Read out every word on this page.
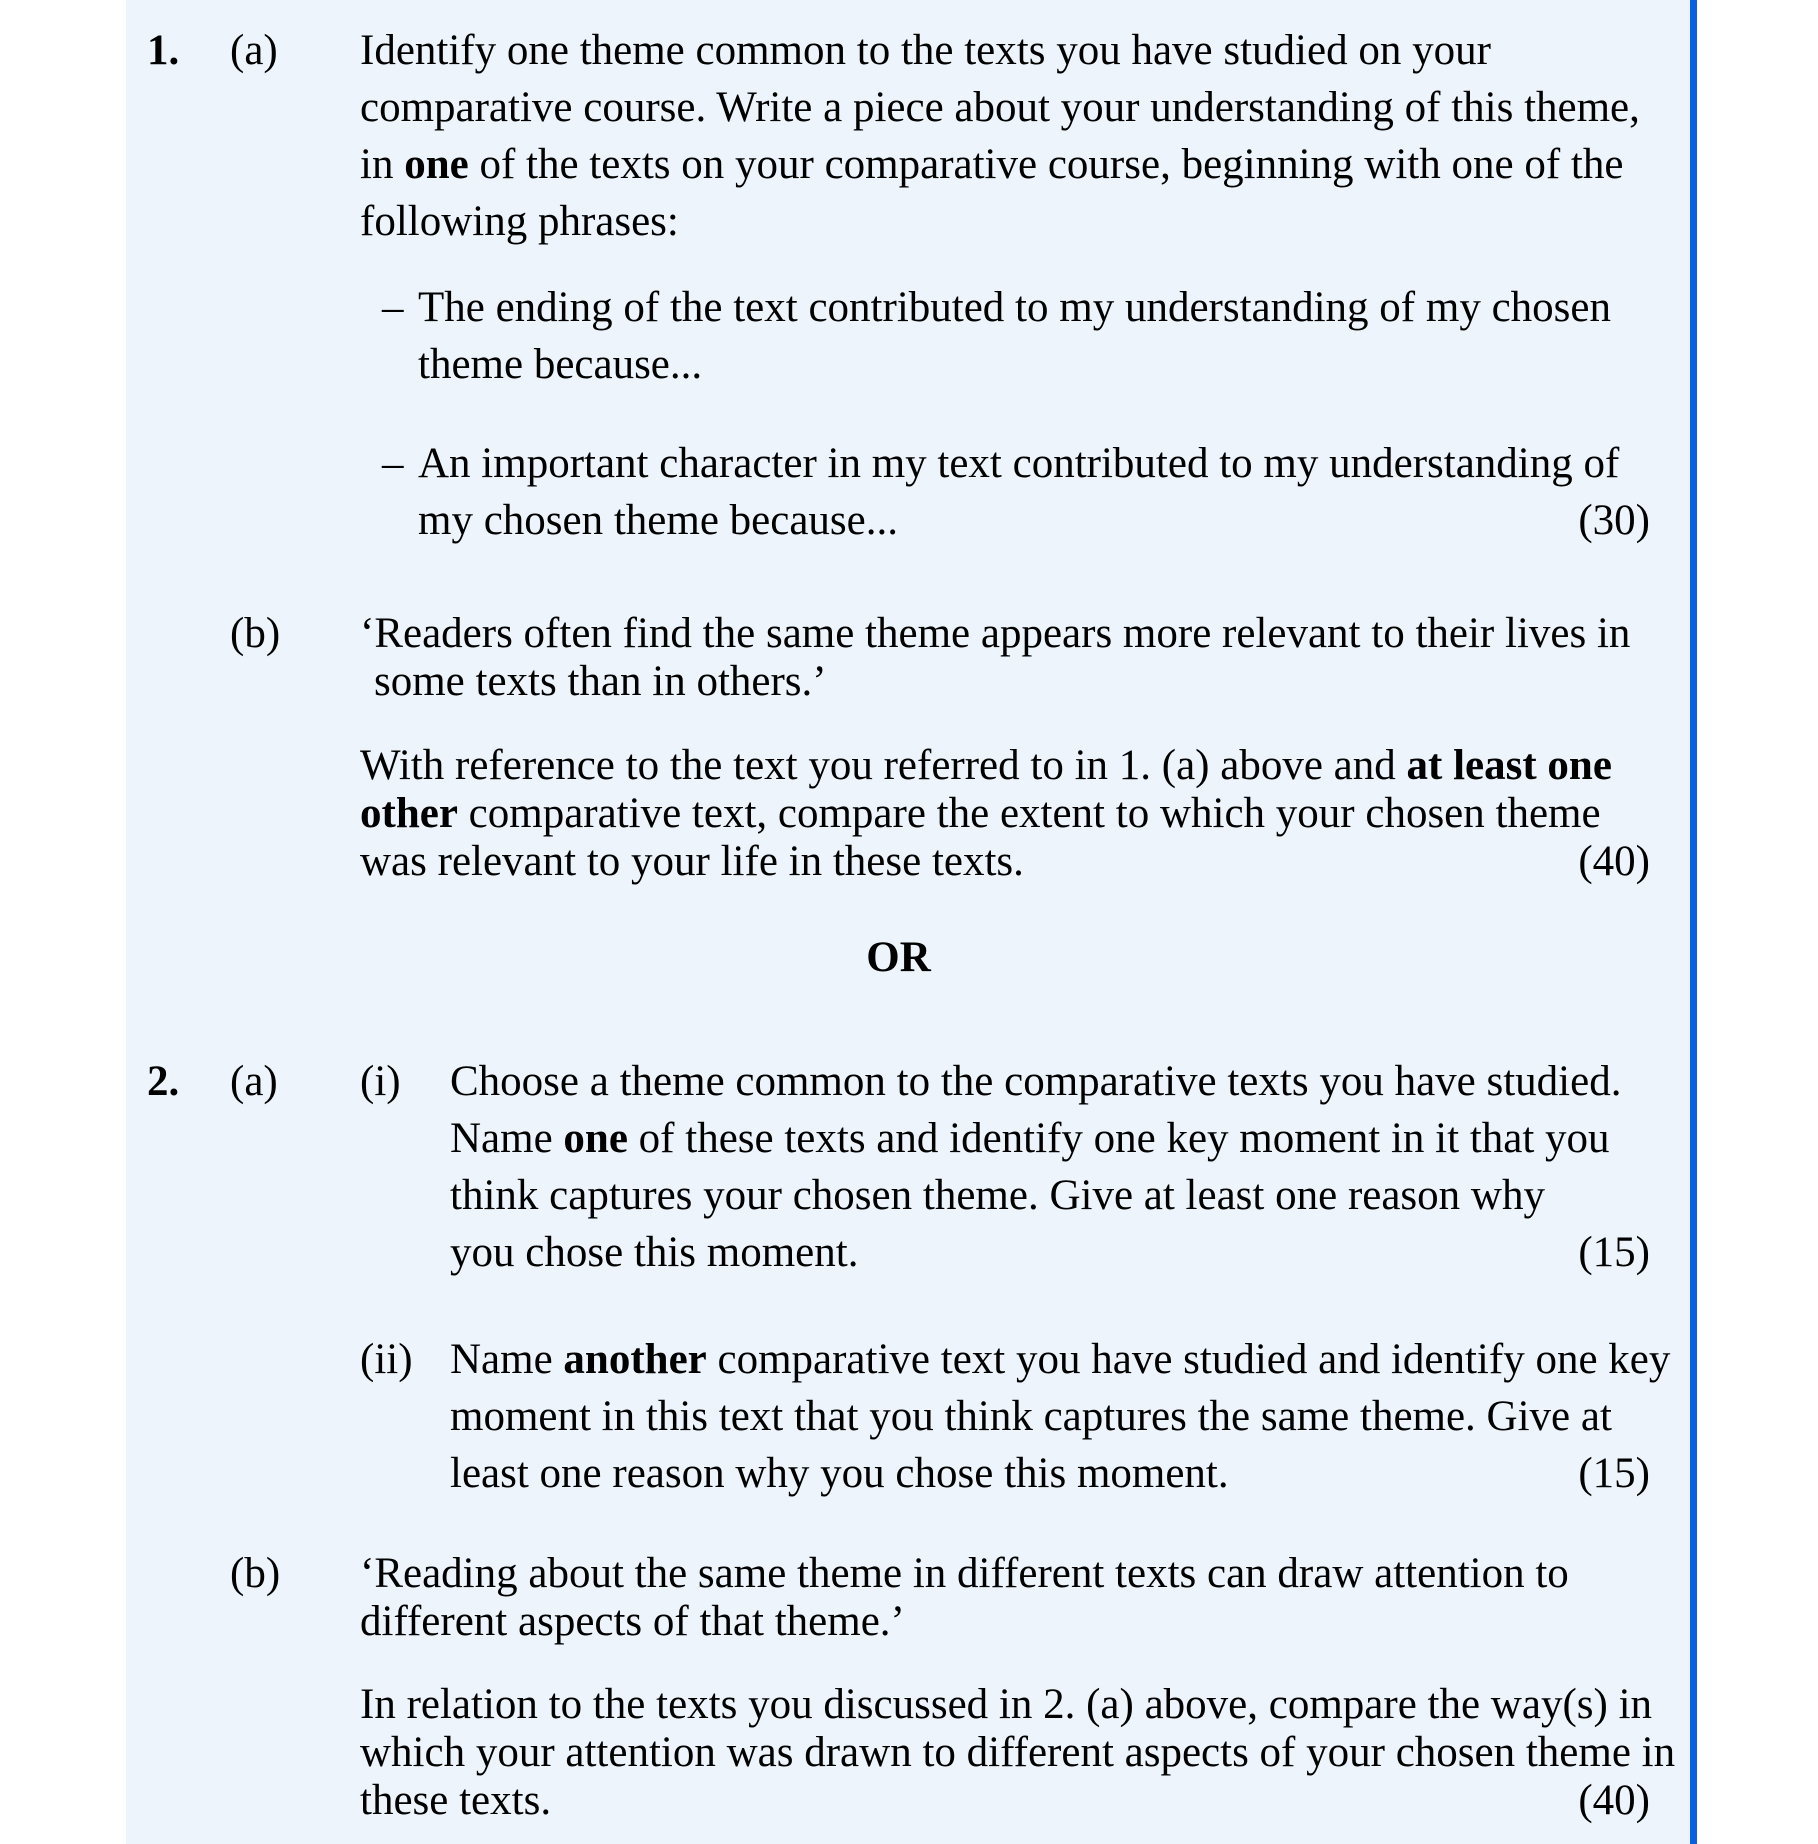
1.	(a)	Identify one theme common to the texts you have studied on your
comparative course. Write a piece about your understanding of this theme,
in one of the texts on your comparative course, beginning with one of the
following phrases:
– The ending of the text contributed to my understanding of my chosen
theme because...
– An important character in my text contributed to my understanding of
(30)
my chosen theme because...
(b)	‘Readers often find the same theme appears more relevant to their lives in
some texts than in others.’
With reference to the text you referred to in 1. (a) above and at least one
other comparative text, compare the extent to which your chosen theme
(40)
was relevant to your life in these texts.
OR
2.	(a)	(i)	Choose a theme common to the comparative texts you have studied.
Name one of these texts and identify one key moment in it that you
think captures your chosen theme. Give at least one reason why
(15)
you chose this moment.
(ii) Name another comparative text you have studied and identify one key
moment in this text that you think captures the same theme. Give at
(15)
least one reason why you chose this moment.
(b)	‘Reading about the same theme in different texts can draw attention to
different aspects of that theme.’
In relation to the texts you discussed in 2. (a) above, compare the way(s) in
which your attention was drawn to different aspects of your chosen theme in
(40)
these texts.
